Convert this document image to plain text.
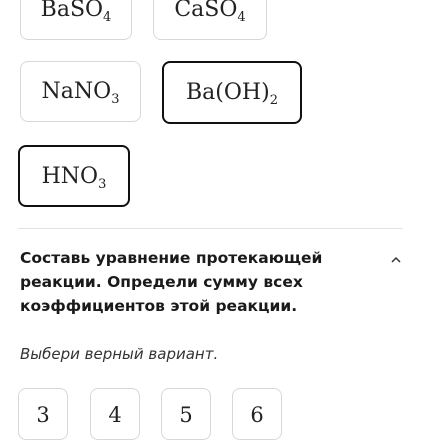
BaSO$_4$	CaSO$_4$
NaNO$_3$	$Ba(OH)_2$
$HNO_3$
Составь уравнение протекающей реакции. Определи сумму всех коэффициентов этой реакции.
Выбери верный вариант.
3	4	5	6
